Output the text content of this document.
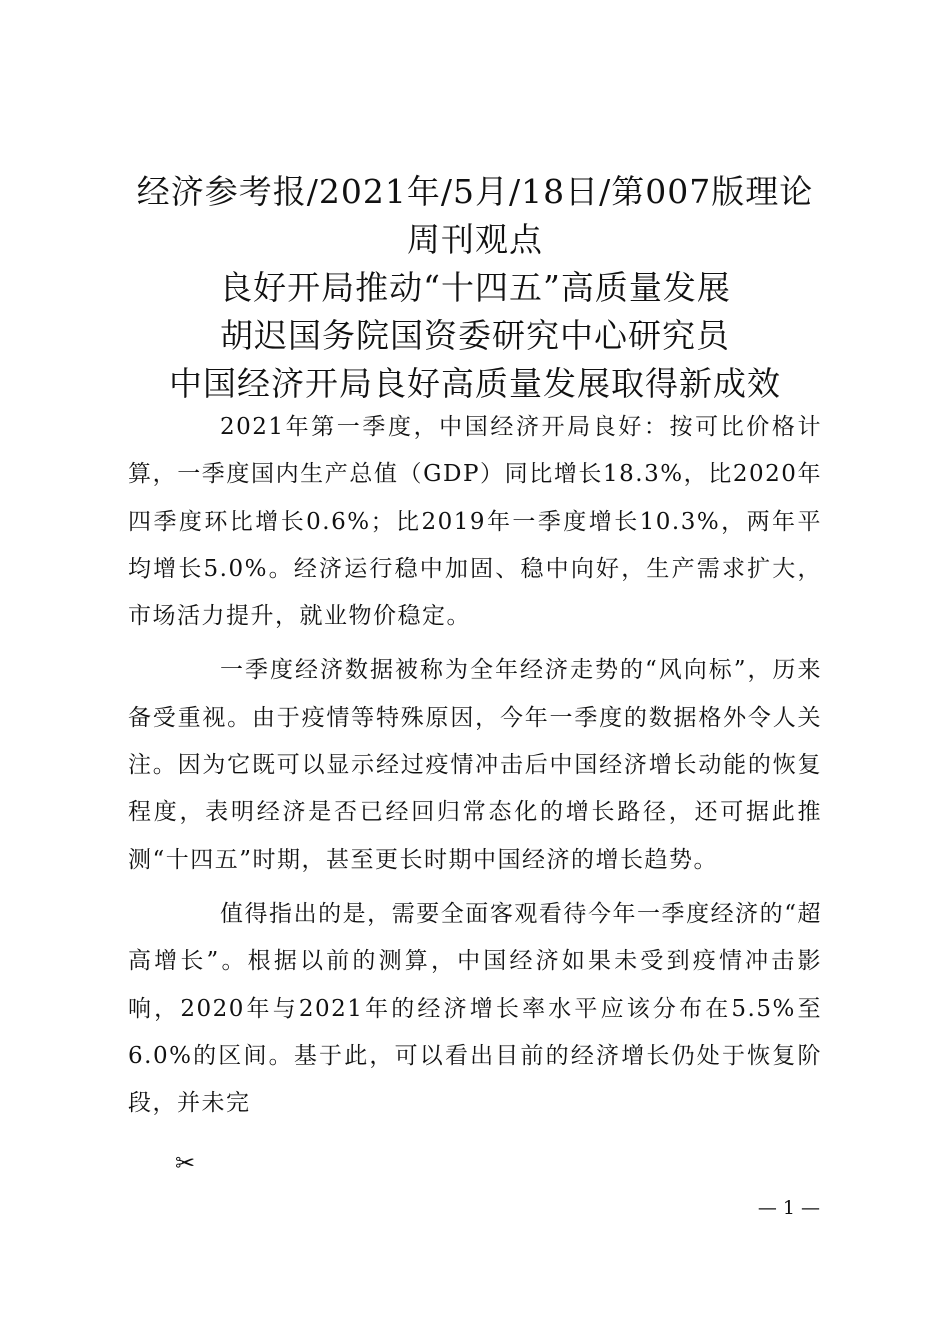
经济参考报/2021年/5月/18日/第007版理论
周刊观点
良好开局推动“十四五”高质量发展
胡迟国务院国资委研究中心研究员
中国经济开局良好高质量发展取得新成效

2021年第一季度，中国经济开局良好：按可比价格计算，一季度国内生产总值（GDP）同比增长18.3%，比2020年四季度环比增长0.6%；比2019年一季度增长10.3%，两年平均增长5.0%。经济运行稳中加固、稳中向好，生产需求扩大，市场活力提升，就业物价稳定。

一季度经济数据被称为全年经济走势的“风向标”，历来备受重视。由于疫情等特殊原因，今年一季度的数据格外令人关注。因为它既可以显示经过疫情冲击后中国经济增长动能的恢复程度，表明经济是否已经回归常态化的增长路径，还可据此推测“十四五”时期，甚至更长时期中国经济的增长趋势。

值得指出的是，需要全面客观看待今年一季度经济的“超高增长”。根据以前的测算，中国经济如果未受到疫情冲击影响，2020年与2021年的经济增长率水平应该分布在5.5%至6.0%的区间。基于此，可以看出目前的经济增长仍处于恢复阶段，并未完

✂
— 1 —
